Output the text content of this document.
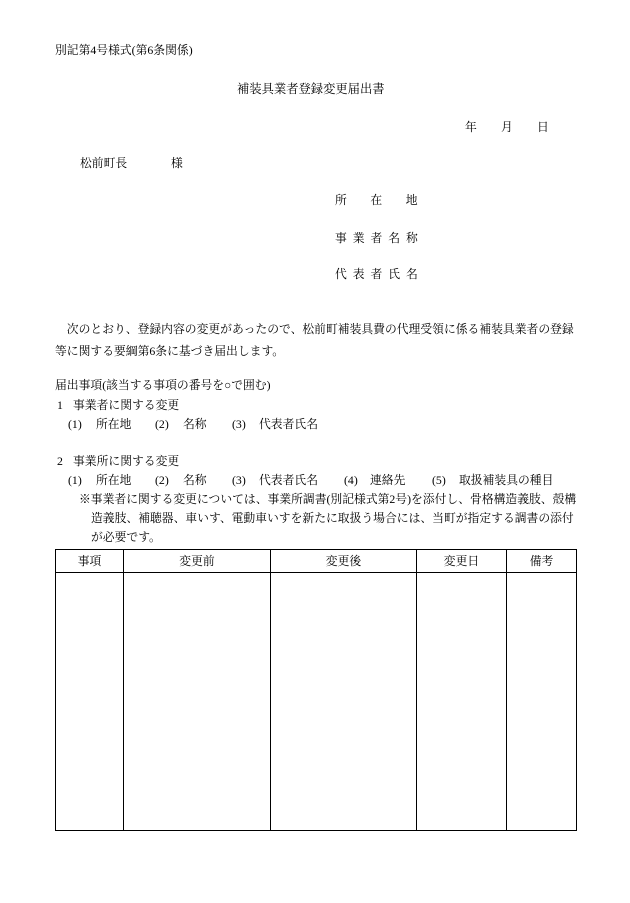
別記第4号様式(第6条関係)
補装具業者登録変更届出書
年 月 日
松前町長	様
所　　在　　地
事 業 者 名 称
代 表 者 氏 名
　次のとおり、登録内容の変更があったので、松前町補装具費の代理受領に係る補装具業者の登録
等に関する要綱第6条に基づき届出します。
届出事項(該当する事項の番号を○で囲む)
1 事業者に関する変更
(1) 所在地 (2) 名称 (3) 代表者氏名
2 事業所に関する変更
(1) 所在地 (2) 名称 (3) 代表者氏名 (4) 連絡先 (5) 取扱補装具の種目
※事業者に関する変更については、事業所調書(別記様式第2号)を添付し、骨格構造義肢、殻構
造義肢、補聴器、車いす、電動車いすを新たに取扱う場合には、当町が指定する調書の添付
が必要です。
事項	変更前	変更後	変更日	備考
